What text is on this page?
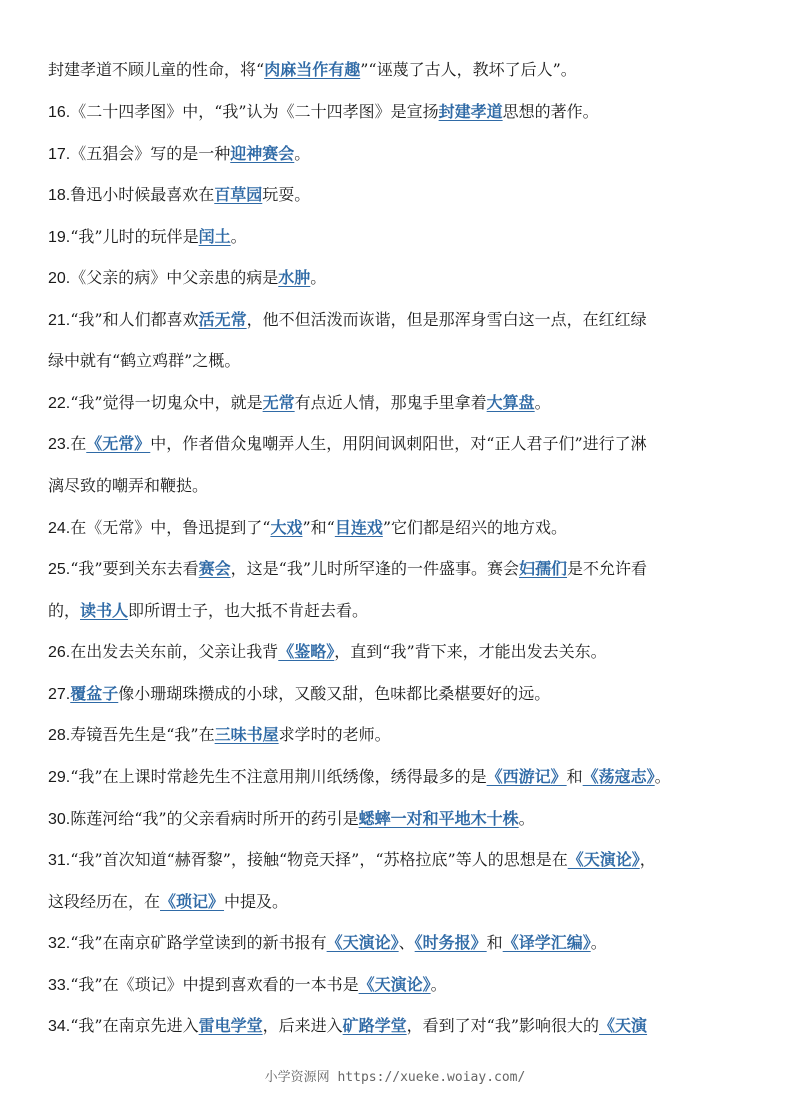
小学资源网 https://xueke.woiay.com/
封建孝道不顾儿童的性命，将“肉麻当作有趣”“诬蔑了古人，教坏了后人”。
16.《二十四孝图》中，“我”认为《二十四孝图》是宣扬封建孝道思想的著作。
17.《五猖会》写的是一种迎神赛会。
18.鲁迅小时候最喜欢在百草园玩耍。
19.“我”儿时的玩伴是闰土。
20.《父亲的病》中父亲患的病是水肿。
21.“我”和人们都喜欢活无常，他不但活泼而诙谐，但是那浑身雪白这一点，在红红绿
绿中就有“鹤立鸡群”之概。
22.“我”觉得一切鬼众中，就是无常有点近人情，那鬼手里拿着大算盘。
23.在《无常》中，作者借众鬼嘲弄人生，用阴间讽刺阳世，对“正人君子们”进行了淋
漓尽致的嘲弄和鞭挞。
24.在《无常》中，鲁迅提到了“大戏”和“目连戏”它们都是绍兴的地方戏。
25.“我”要到关东去看赛会，这是“我”儿时所罕逢的一件盛事。赛会妇孺们是不允许看
的，读书人即所谓士子，也大抵不肯赶去看。
26.在出发去关东前，父亲让我背《鉴略》，直到“我”背下来，才能出发去关东。
27.覆盆子像小珊瑚珠攒成的小球，又酸又甜，色味都比桑椹要好的远。
28.寿镜吾先生是“我”在三味书屋求学时的老师。
29.“我”在上课时常趁先生不注意用荆川纸绣像，绣得最多的是《西游记》和《荡寇志》。
30.陈莲河给“我”的父亲看病时所开的药引是蟋蟀一对和平地木十株。
31.“我”首次知道“赫胥黎”，接触“物竞天择”，“苏格拉底”等人的思想是在《天演论》，
这段经历在，在《琐记》中提及。
32.“我”在南京矿路学堂读到的新书报有《天演论》、《时务报》和《译学汇编》。
33.“我”在《琐记》中提到喜欢看的一本书是《天演论》。
34.“我”在南京先进入雷电学堂，后来进入矿路学堂，看到了对“我”影响很大的《天演
